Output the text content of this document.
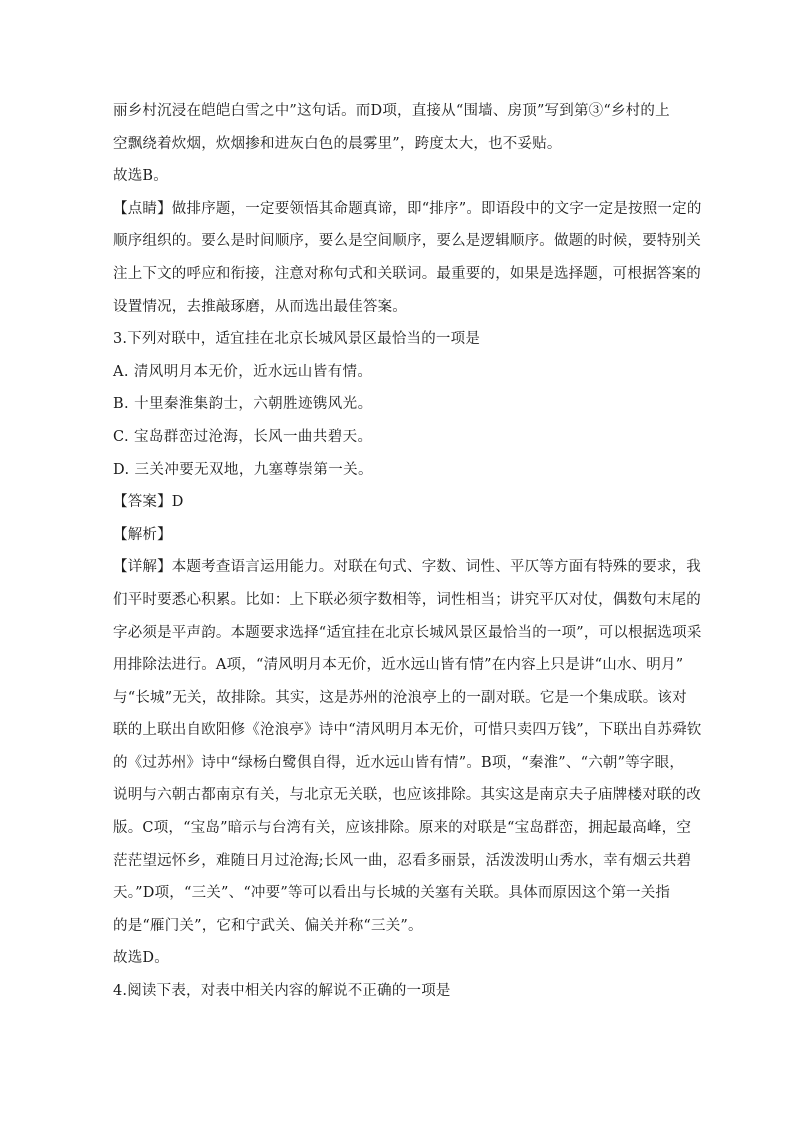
丽乡村沉浸在皑皑白雪之中”这句话。而D项，直接从“围墙、房顶”写到第③“乡村的上
空飘绕着炊烟，炊烟掺和进灰白色的晨雾里”，跨度太大，也不妥贴。
故选B。
【点睛】做排序题，一定要领悟其命题真谛，即“排序”。即语段中的文字一定是按照一定的
顺序组织的。要么是时间顺序，要么是空间顺序，要么是逻辑顺序。做题的时候，要特别关
注上下文的呼应和衔接，注意对称句式和关联词。最重要的，如果是选择题，可根据答案的
设置情况，去推敲琢磨，从而选出最佳答案。
3.下列对联中，适宜挂在北京长城风景区最恰当的一项是
A. 清风明月本无价，近水远山皆有情。
B. 十里秦淮集韵士，六朝胜迹镌风光。
C. 宝岛群峦过沧海，长风一曲共碧天。
D. 三关冲要无双地，九塞尊崇第一关。
【答案】D
【解析】
【详解】本题考查语言运用能力。对联在句式、字数、词性、平仄等方面有特殊的要求，我
们平时要悉心积累。比如：上下联必须字数相等，词性相当；讲究平仄对仗，偶数句末尾的
字必须是平声韵。本题要求选择“适宜挂在北京长城风景区最恰当的一项”，可以根据选项采
用排除法进行。A项，“清风明月本无价，近水远山皆有情”在内容上只是讲“山水、明月”
与“长城”无关，故排除。其实，这是苏州的沧浪亭上的一副对联。它是一个集成联。该对
联的上联出自欧阳修《沧浪亭》诗中“清风明月本无价，可惜只卖四万钱”，下联出自苏舜钦
的《过苏州》诗中“绿杨白鹭俱自得，近水远山皆有情”。B项，“秦淮”、“六朝”等字眼，
说明与六朝古都南京有关，与北京无关联，也应该排除。其实这是南京夫子庙牌楼对联的改
版。C项，“宝岛”暗示与台湾有关，应该排除。原来的对联是“宝岛群峦，拥起最高峰，空
茫茫望远怀乡，难随日月过沧海;长风一曲，忍看多丽景，活泼泼明山秀水，幸有烟云共碧
天。”D项，“三关”、“冲要”等可以看出与长城的关塞有关联。具体而原因这个第一关指
的是“雁门关”，它和宁武关、偏关并称“三关”。
故选D。
4.阅读下表，对表中相关内容的解说不正确的一项是
